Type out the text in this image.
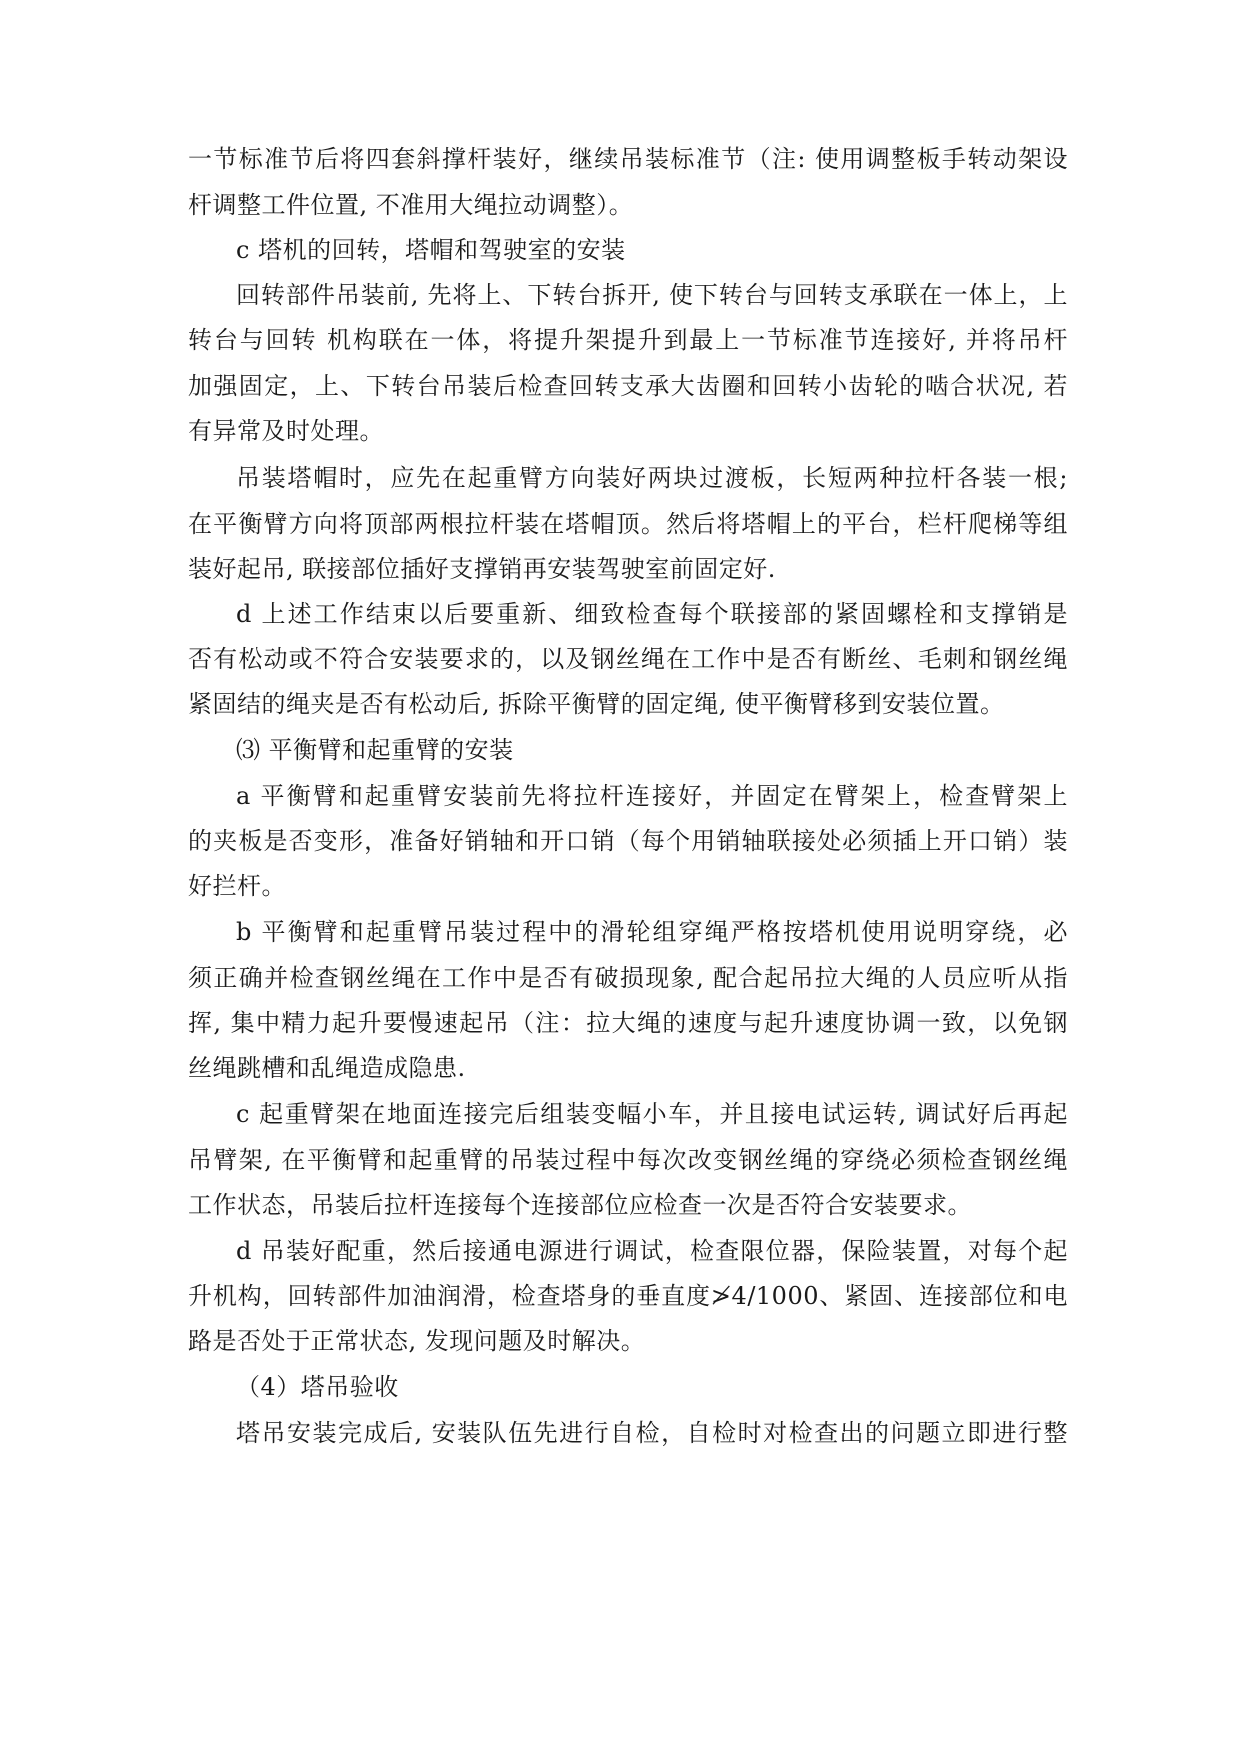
一节标准节后将四套斜撑杆装好，继续吊装标准节（注: 使用调整板手转动架设
杆调整工件位置, 不准用大绳拉动调整）。
c 塔机的回转，塔帽和驾驶室的安装
回转部件吊装前, 先将上、下转台拆开, 使下转台与回转支承联在一体上，上
转台与回转 机构联在一体，将提升架提升到最上一节标准节连接好, 并将吊杆
加强固定，上、下转台吊装后检查回转支承大齿圈和回转小齿轮的啮合状况, 若
有异常及时处理。
吊装塔帽时，应先在起重臂方向装好两块过渡板，长短两种拉杆各装一根;
在平衡臂方向将顶部两根拉杆装在塔帽顶。然后将塔帽上的平台，栏杆爬梯等组
装好起吊, 联接部位插好支撑销再安装驾驶室前固定好.
d 上述工作结束以后要重新、细致检查每个联接部的紧固螺栓和支撑销是
否有松动或不符合安装要求的，以及钢丝绳在工作中是否有断丝、毛刺和钢丝绳
紧固结的绳夹是否有松动后, 拆除平衡臂的固定绳, 使平衡臂移到安装位置。
⑶ 平衡臂和起重臂的安装
a 平衡臂和起重臂安装前先将拉杆连接好，并固定在臂架上，检查臂架上
的夹板是否变形，准备好销轴和开口销（每个用销轴联接处必须插上开口销）装
好拦杆。
b 平衡臂和起重臂吊装过程中的滑轮组穿绳严格按塔机使用说明穿绕，必
须正确并检查钢丝绳在工作中是否有破损现象, 配合起吊拉大绳的人员应听从指
挥, 集中精力起升要慢速起吊（注：拉大绳的速度与起升速度协调一致，以免钢
丝绳跳槽和乱绳造成隐患.
c 起重臂架在地面连接完后组装变幅小车，并且接电试运转, 调试好后再起
吊臂架, 在平衡臂和起重臂的吊装过程中每次改变钢丝绳的穿绕必须检查钢丝绳
工作状态，吊装后拉杆连接每个连接部位应检查一次是否符合安装要求。
d 吊装好配重，然后接通电源进行调试，检查限位器，保险装置，对每个起
升机构，回转部件加油润滑，检查塔身的垂直度≯4/1000、紧固、连接部位和电
路是否处于正常状态, 发现问题及时解决。
（4）塔吊验收
塔吊安装完成后, 安装队伍先进行自检，自检时对检查出的问题立即进行整
